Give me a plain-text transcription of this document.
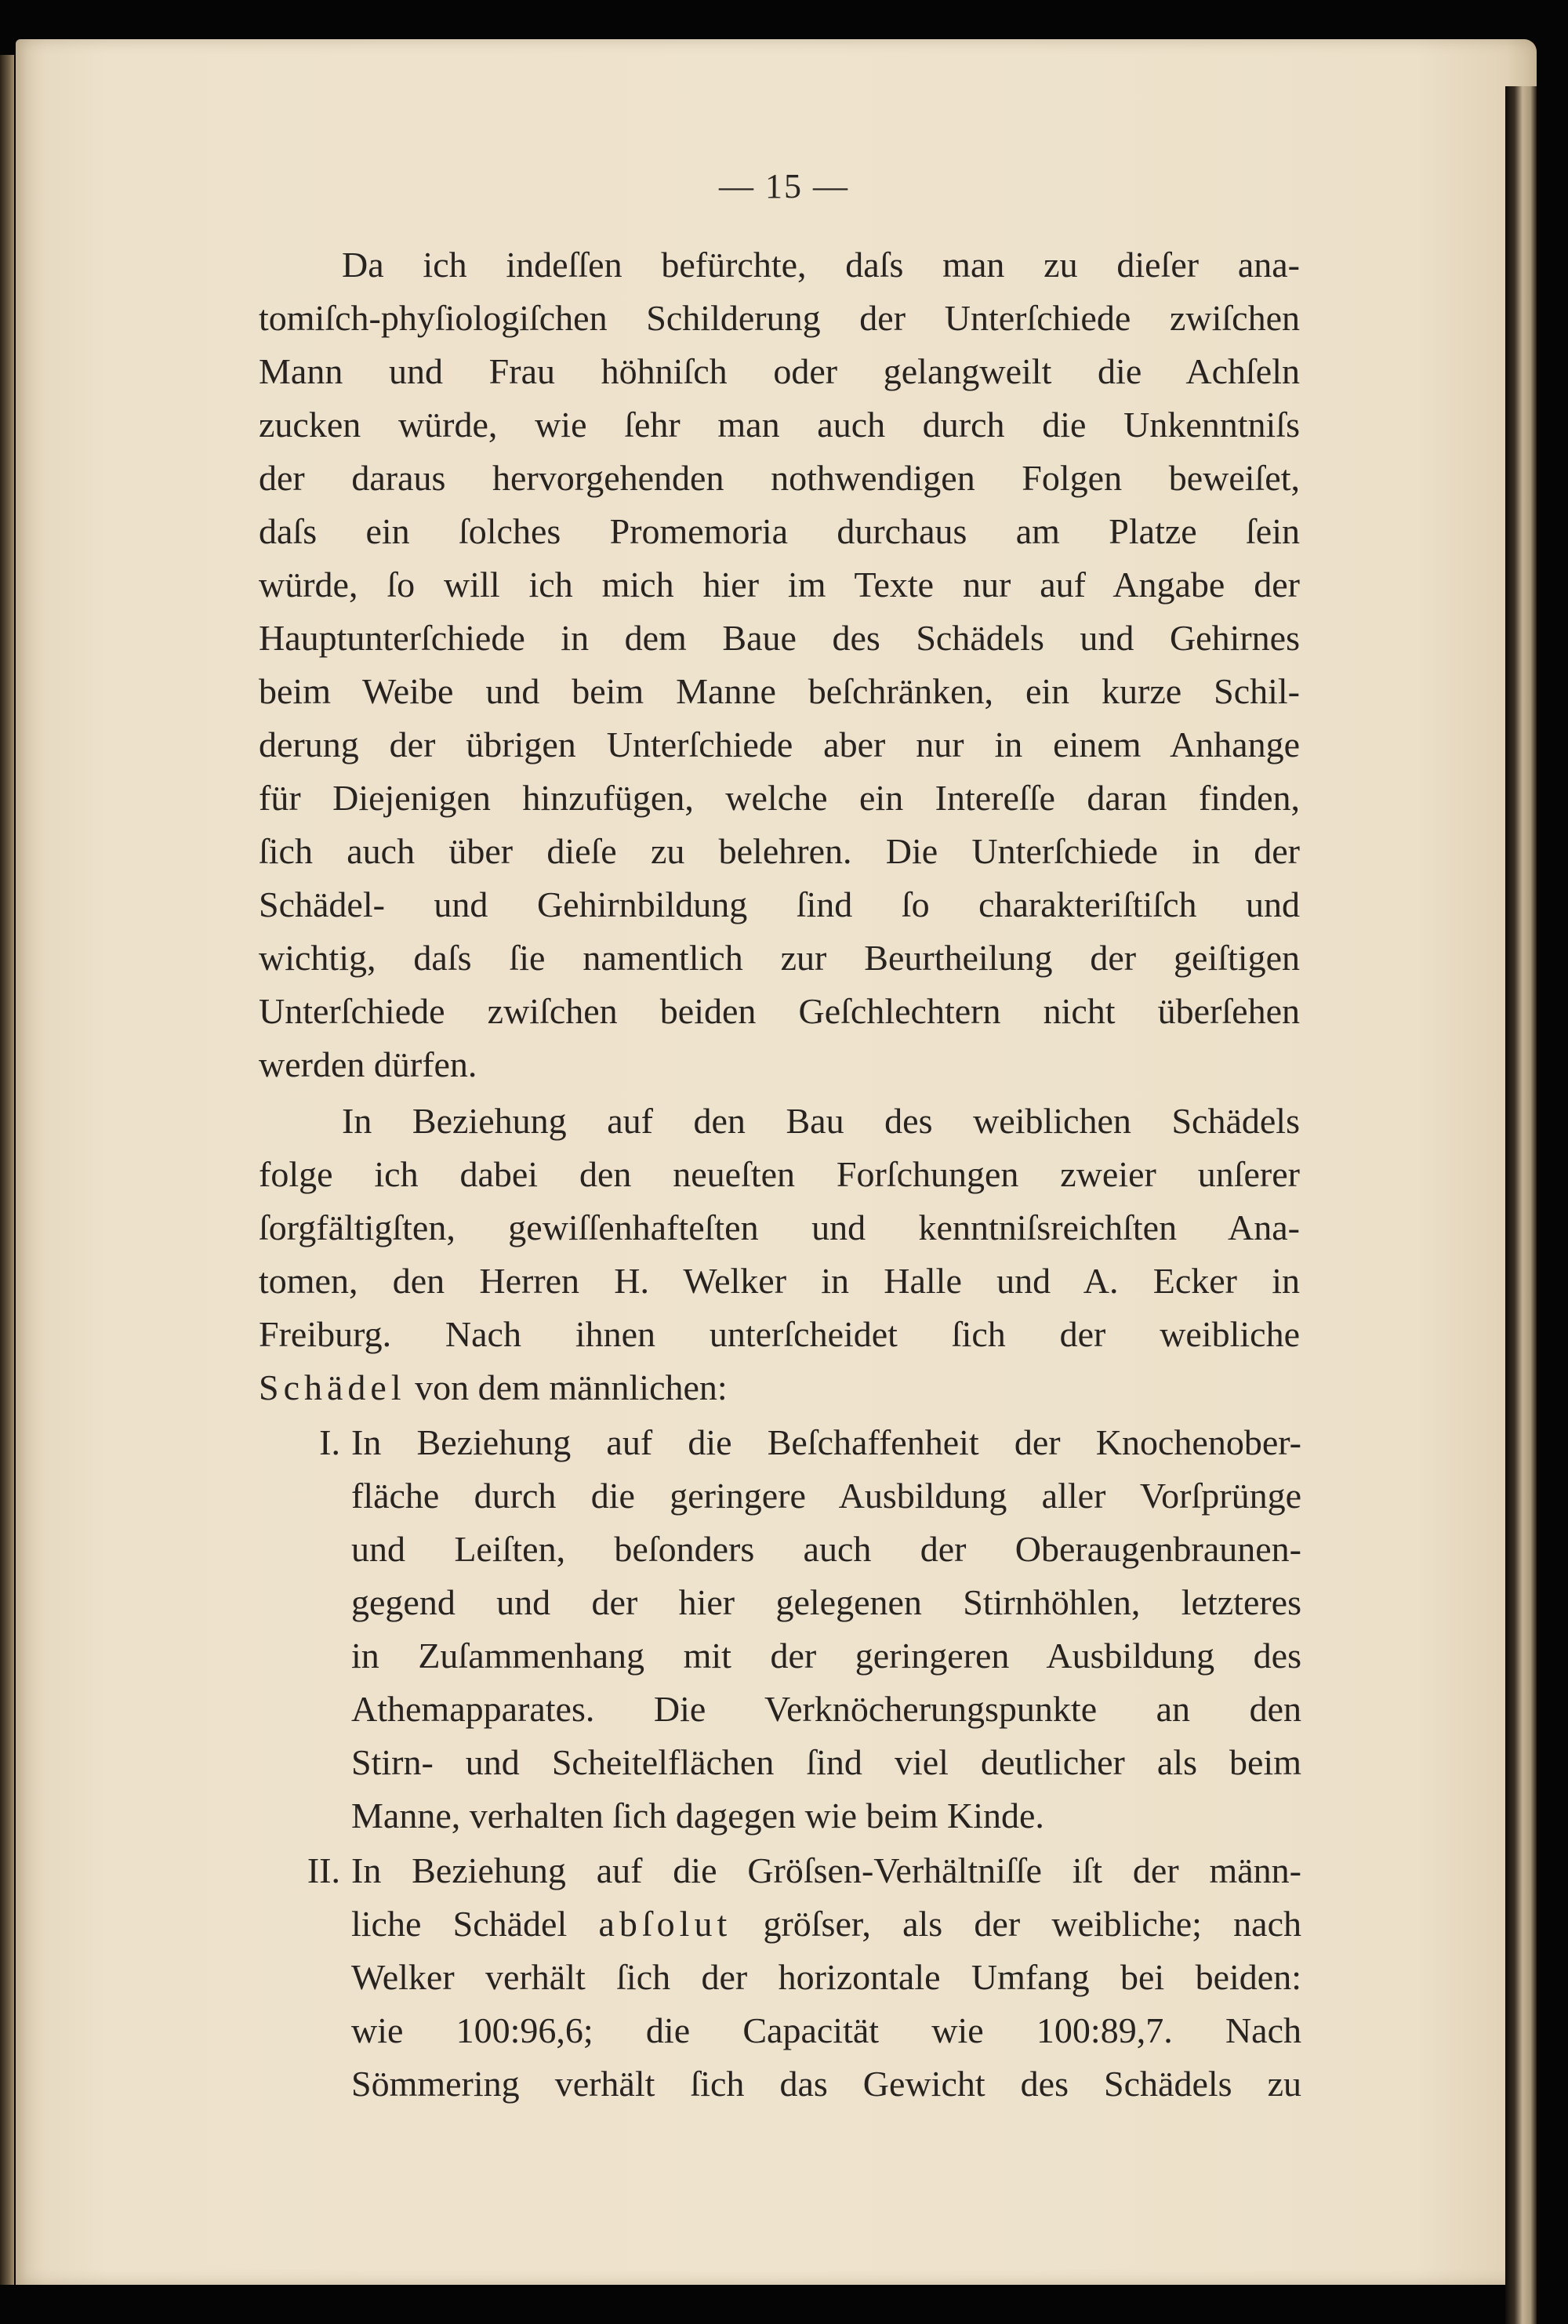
— 15 —
Da ich indeſſen befürchte, daſs man zu dieſer ana-
tomiſch-phyſiologiſchen Schilderung der Unterſchiede zwiſchen
Mann und Frau höhniſch oder gelangweilt die Achſeln
zucken würde, wie ſehr man auch durch die Unkenntniſs
der daraus hervorgehenden nothwendigen Folgen beweiſet,
daſs ein ſolches Promemoria durchaus am Platze ſein
würde, ſo will ich mich hier im Texte nur auf Angabe der
Hauptunterſchiede in dem Baue des Schädels und Gehirnes
beim Weibe und beim Manne beſchränken, ein kurze Schil-
derung der übrigen Unterſchiede aber nur in einem Anhange
für Diejenigen hinzufügen, welche ein Intereſſe daran finden,
ſich auch über dieſe zu belehren. Die Unterſchiede in der
Schädel- und Gehirnbildung ſind ſo charakteriſtiſch und
wichtig, daſs ſie namentlich zur Beurtheilung der geiſtigen
Unterſchiede zwiſchen beiden Geſchlechtern nicht überſehen
werden dürfen.
In Beziehung auf den Bau des weiblichen Schädels
folge ich dabei den neueſten Forſchungen zweier unſerer
ſorgfältigſten, gewiſſenhafteſten und kenntniſsreichſten Ana-
tomen, den Herren H. Welker in Halle und A. Ecker in
Freiburg. Nach ihnen unterſcheidet ſich der weibliche
Schädel von dem männlichen:
I. In Beziehung auf die Beſchaffenheit der Knochenober-
fläche durch die geringere Ausbildung aller Vorſprünge
und Leiſten, beſonders auch der Oberaugenbraunen-
gegend und der hier gelegenen Stirnhöhlen, letzteres
in Zuſammenhang mit der geringeren Ausbildung des
Athemapparates. Die Verknöcherungspunkte an den
Stirn- und Scheitelflächen ſind viel deutlicher als beim
Manne, verhalten ſich dagegen wie beim Kinde.
II. In Beziehung auf die Gröſsen-Verhältniſſe iſt der männ-
liche Schädel abſolut gröſser, als der weibliche; nach
Welker verhält ſich der horizontale Umfang bei beiden:
wie 100:96,6; die Capacität wie 100:89,7. Nach
Sömmering verhält ſich das Gewicht des Schädels zu
